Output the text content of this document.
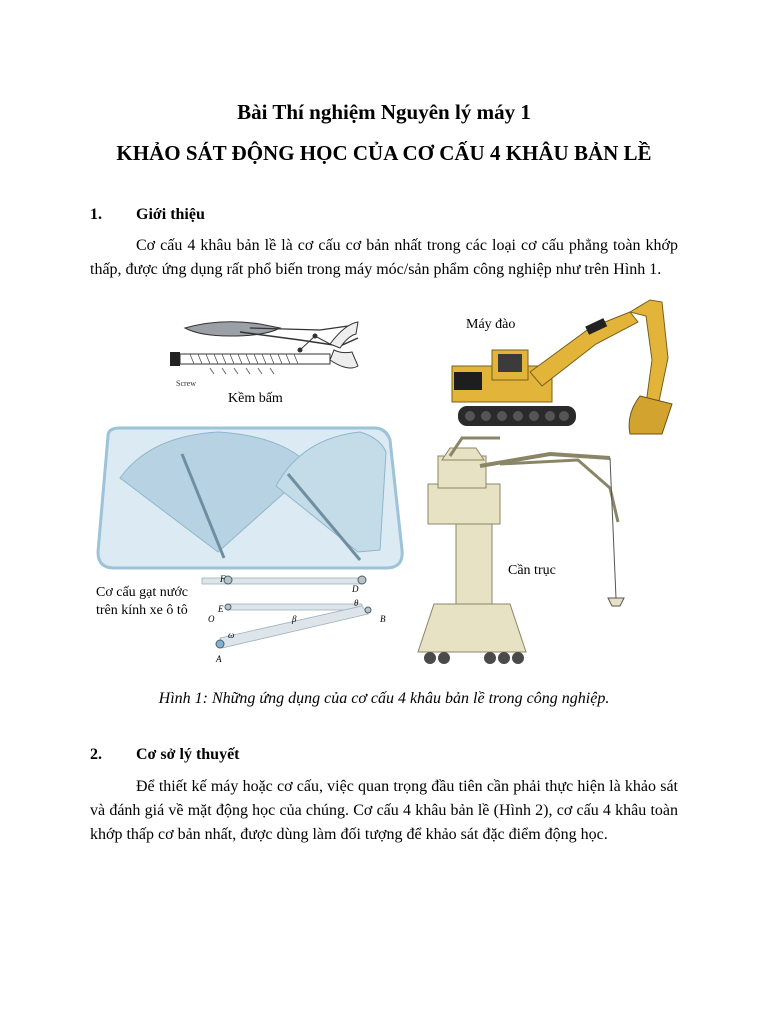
Bài Thí nghiệm Nguyên lý máy 1
KHẢO SÁT ĐỘNG HỌC CỦA CƠ CẤU 4 KHÂU BẢN LỀ
1. Giới thiệu

Cơ cấu 4 khâu bản lề là cơ cấu cơ bản nhất trong các loại cơ cấu phẳng toàn khớp thấp, được ứng dụng rất phổ biến trong máy móc/sản phẩm công nghiệp như trên Hình 1.

Screw
Kềm bấm
Máy đào
F
D
E
O	B
A
ω
β
θ
Cơ cấu gạt nước
trên kính xe ô tô
Cần trục
Hình 1: Những ứng dụng của cơ cấu 4 khâu bản lề trong công nghiệp.
2. Cơ sở lý thuyết

Để thiết kế máy hoặc cơ cấu, việc quan trọng đầu tiên cần phải thực hiện là khảo sát và đánh giá về mặt động học của chúng. Cơ cấu 4 khâu bản lề (Hình 2), cơ cấu 4 khâu toàn khớp thấp cơ bản nhất, được dùng làm đối tượng để khảo sát đặc điểm động học.
